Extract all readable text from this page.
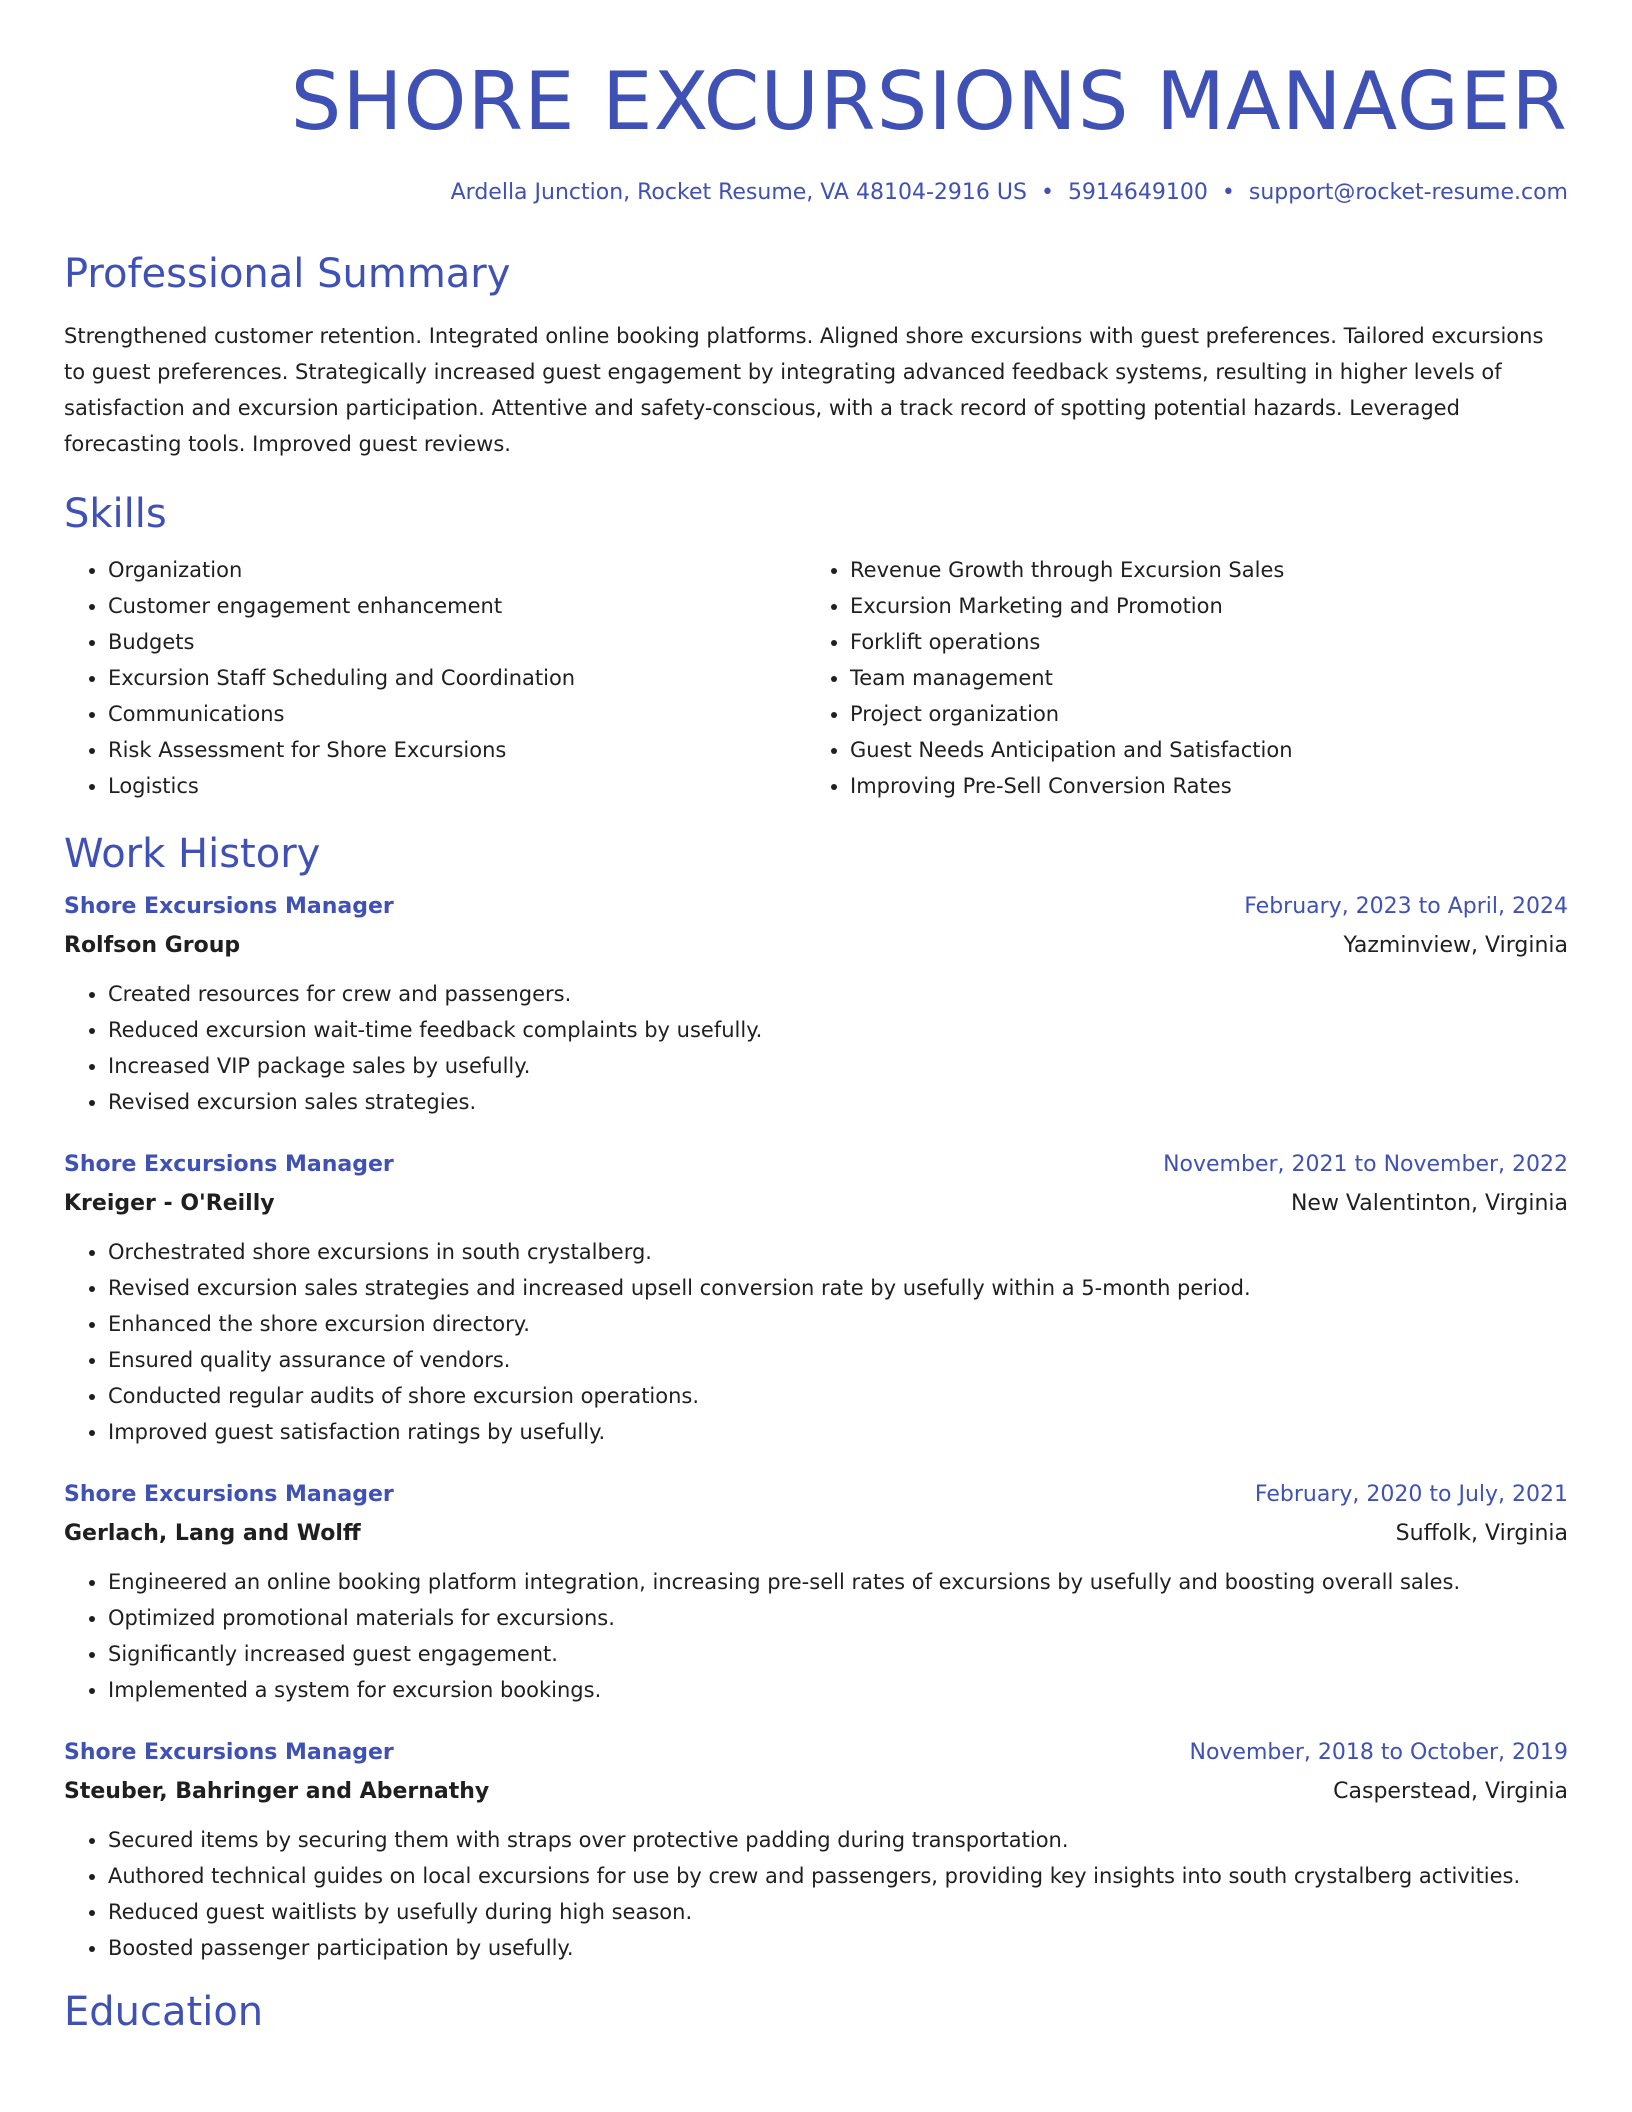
SHORE EXCURSIONS MANAGER
Ardella Junction, Rocket Resume, VA 48104-2916 US • 5914649100 • support@rocket-resume.com
Professional Summary
Strengthened customer retention. Integrated online booking platforms. Aligned shore excursions with guest preferences. Tailored excursions to guest preferences. Strategically increased guest engagement by integrating advanced feedback systems, resulting in higher levels of satisfaction and excursion participation. Attentive and safety-conscious, with a track record of spotting potential hazards. Leveraged forecasting tools. Improved guest reviews.
Skills
• Organization
• Customer engagement enhancement
• Budgets
• Excursion Staff Scheduling and Coordination
• Communications
• Risk Assessment for Shore Excursions
• Logistics
• Revenue Growth through Excursion Sales
• Excursion Marketing and Promotion
• Forklift operations
• Team management
• Project organization
• Guest Needs Anticipation and Satisfaction
• Improving Pre-Sell Conversion Rates
Work History
Shore Excursions Manager	February, 2023 to April, 2024
Rolfson Group	Yazminview, Virginia
• Created resources for crew and passengers.
• Reduced excursion wait-time feedback complaints by usefully.
• Increased VIP package sales by usefully.
• Revised excursion sales strategies.
Shore Excursions Manager	November, 2021 to November, 2022
Kreiger - O'Reilly	New Valentinton, Virginia
• Orchestrated shore excursions in south crystalberg.
• Revised excursion sales strategies and increased upsell conversion rate by usefully within a 5-month period.
• Enhanced the shore excursion directory.
• Ensured quality assurance of vendors.
• Conducted regular audits of shore excursion operations.
• Improved guest satisfaction ratings by usefully.
Shore Excursions Manager	February, 2020 to July, 2021
Gerlach, Lang and Wolff	Suffolk, Virginia
• Engineered an online booking platform integration, increasing pre-sell rates of excursions by usefully and boosting overall sales.
• Optimized promotional materials for excursions.
• Significantly increased guest engagement.
• Implemented a system for excursion bookings.
Shore Excursions Manager	November, 2018 to October, 2019
Steuber, Bahringer and Abernathy	Casperstead, Virginia
• Secured items by securing them with straps over protective padding during transportation.
• Authored technical guides on local excursions for use by crew and passengers, providing key insights into south crystalberg activities.
• Reduced guest waitlists by usefully during high season.
• Boosted passenger participation by usefully.
Education
